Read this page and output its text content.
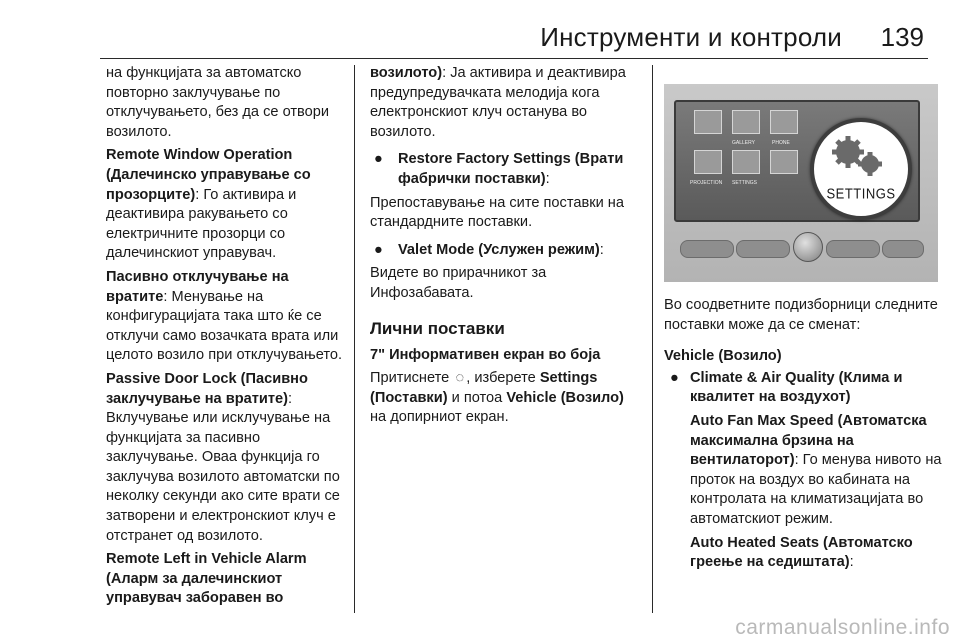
Инструменти и контроли 139

на функцијата за автоматско повторно заклучување по отклучувањето, без да се отвори возилото.

Remote Window Operation (Далечинско управување со прозорците): Го активира и деактивира ракувањето со електричните прозорци со далечинскиот управувач.

Пасивно отклучување на вратите: Менување на конфигурацијата така што ќе се отклучи само возачката врата или целото возило при отклучувањето.

Passive Door Lock (Пасивно заклучување на вратите): Вклучување или исклучување на функцијата за пасивно заклучување. Оваа функција го заклучува возилото автоматски по неколку секунди ако сите врати се затворени и електронскиот клуч е отстранет од возилото.

Remote Left in Vehicle Alarm (Аларм за далечинскиот управувач заборавен во

возилото): Ја активира и деактивира предупредувачката мелодија кога електронскиот клуч останува во возилото.

● Restore Factory Settings (Врати фабрички поставки):

Препоставување на сите поставки на стандардните поставки.

● Valet Mode (Услужен режим):

Видете во прирачникот за Инфозабавата.

Лични поставки

7" Информативен екран во боја

Притиснете ◌ , изберете Settings (Поставки) и потоа Vehicle (Возило) на допирниот екран.

GALLERY	PHONE
PROJECTION SETTINGS
SETTINGS

Во соодветните подизборници следните поставки може да се сменат:

Vehicle (Возило)

● Climate & Air Quality (Клима и квалитет на воздухот)

Auto Fan Max Speed (Автоматска максимална брзина на вентилаторот): Го менува нивото на проток на воздух во кабината на контролата на климатизацијата во автоматскиот режим.

Auto Heated Seats (Автоматско греење на седиштата):

carmanualsonline.info
